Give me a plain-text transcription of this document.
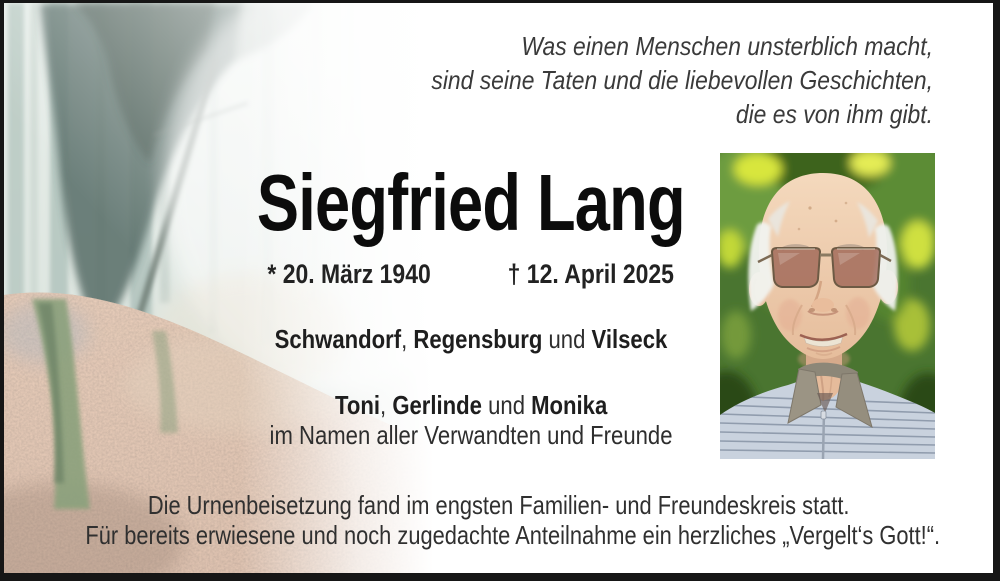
Was einen Menschen unsterblich macht,
sind seine Taten und die liebevollen Geschichten,
die es von ihm gibt.
Siegfried Lang
* 20. März 1940	† 12. April 2025
Schwandorf, Regensburg und Vilseck
Toni, Gerlinde und Monika
im Namen aller Verwandten und Freunde
Die Urnenbeisetzung fand im engsten Familien- und Freundeskreis statt.
Für bereits erwiesene und noch zugedachte Anteilnahme ein herzliches „Vergelt‘s Gott!“.
